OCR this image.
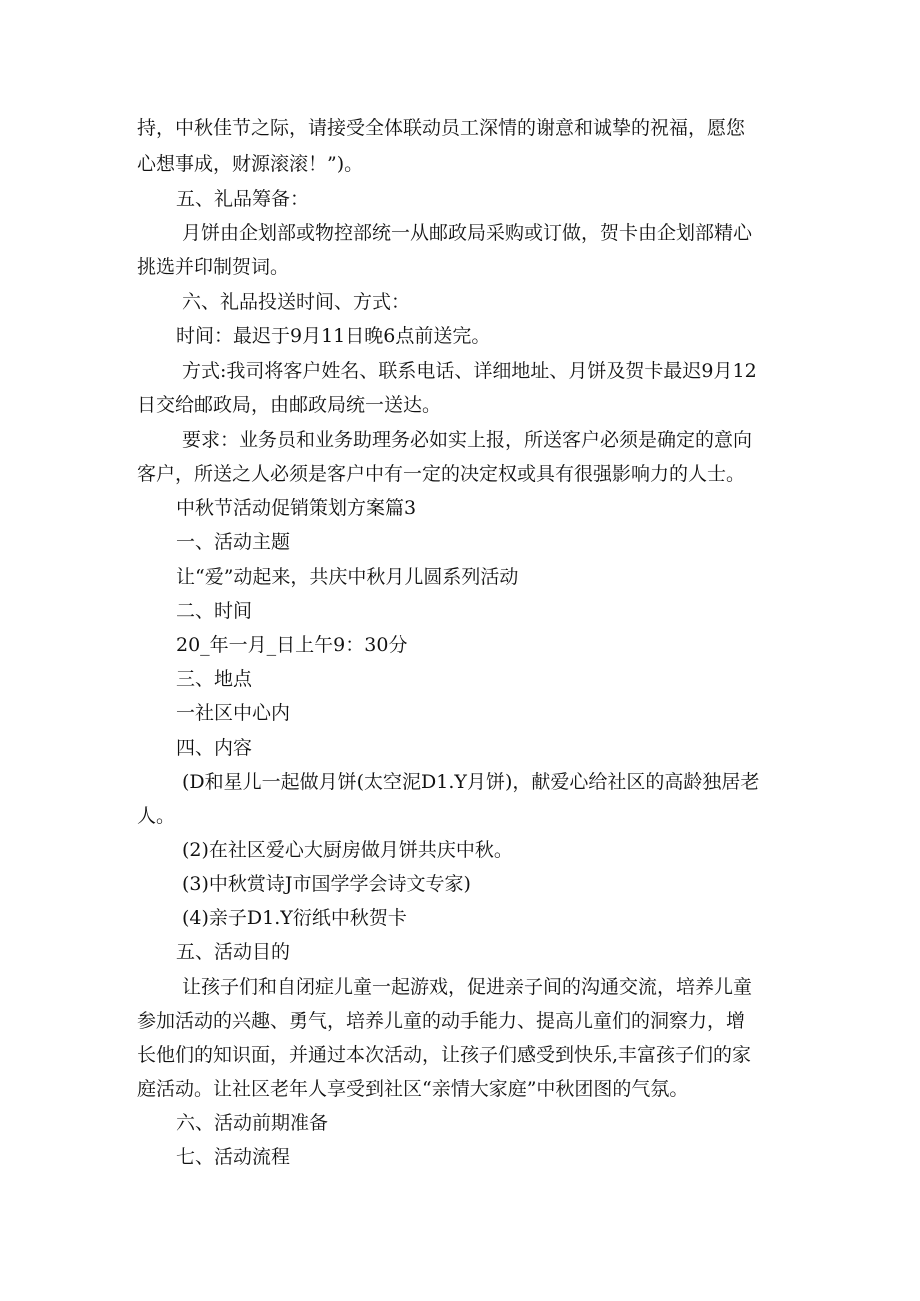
持，中秋佳节之际，请接受全体联动员工深情的谢意和诚挚的祝福，愿您
心想事成，财源滚滚！”)。
五、礼品筹备：
月饼由企划部或物控部统一从邮政局采购或订做，贺卡由企划部精心
挑选并印制贺词。
六、礼品投送时间、方式：
时间：最迟于9月11日晚6点前送完。
方式:我司将客户姓名、联系电话、详细地址、月饼及贺卡最迟9月12
日交给邮政局，由邮政局统一送达。
要求：业务员和业务助理务必如实上报，所送客户必须是确定的意向
客户，所送之人必须是客户中有一定的决定权或具有很强影响力的人士。
中秋节活动促销策划方案篇3
一、活动主题
让“爱”动起来，共庆中秋月儿圆系列活动
二、时间
20_年一月_日上午9：30分
三、地点
一社区中心内
四、内容
(D和星儿一起做月饼(太空泥D1.Y月饼)，献爱心给社区的高龄独居老
人。
(2)在社区爱心大厨房做月饼共庆中秋。
(3)中秋赏诗J市国学学会诗文专家)
(4)亲子D1.Y衍纸中秋贺卡
五、活动目的
让孩子们和自闭症儿童一起游戏，促进亲子间的沟通交流，培养儿童
参加活动的兴趣、勇气，培养儿童的动手能力、提高儿童们的洞察力，增
长他们的知识面，并通过本次活动，让孩子们感受到快乐,丰富孩子们的家
庭活动。让社区老年人享受到社区“亲情大家庭”中秋团图的气氛。
六、活动前期准备
七、活动流程
